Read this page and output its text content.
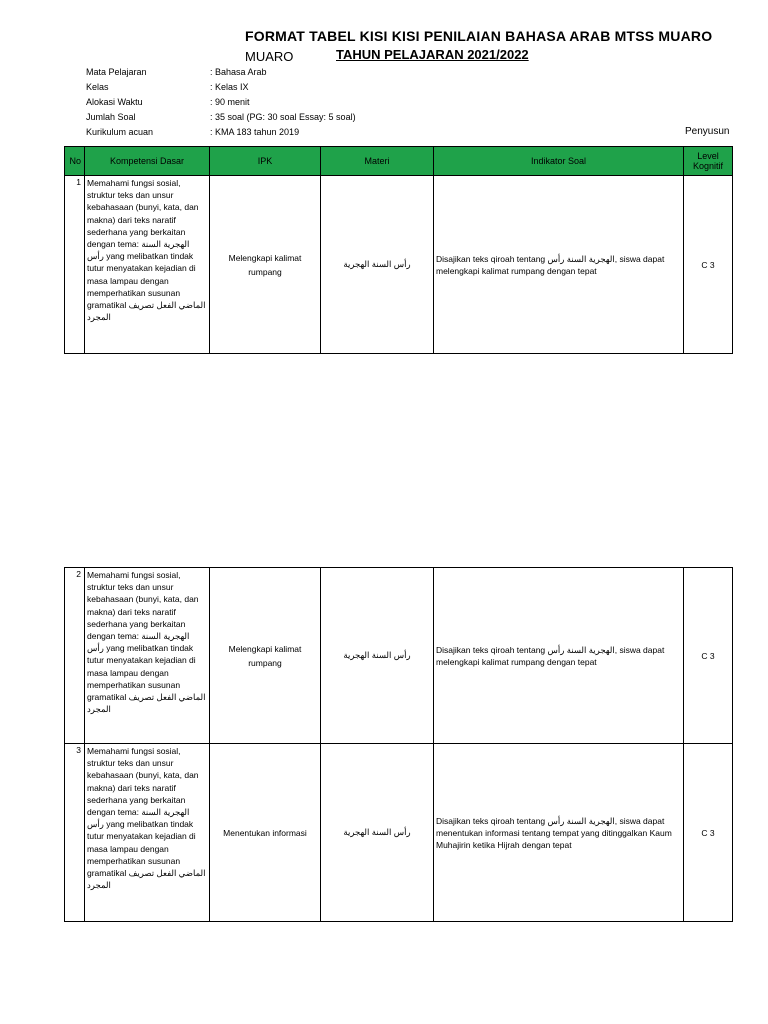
FORMAT TABEL KISI KISI PENILAIAN BAHASA ARAB MTSS MUARO
MUARO	TAHUN PELAJARAN 2021/2022
Mata Pelajaran	: Bahasa Arab
Kelas	: Kelas IX
Alokasi Waktu	: 90 menit
Jumlah Soal	: 35 soal (PG: 30 soal Essay: 5 soal)
Kurikulum acuan	: KMA 183 tahun 2019	Penyusun
No	Kompetensi Dasar	IPK	Materi	Indikator Soal	Level Kognitif
1	Memahami fungsi sosial, struktur teks dan unsur kebahasaan (bunyi, kata, dan makna) dari teks naratif sederhana yang berkaitan dengan tema: الهجرية السنة رأس yang melibatkan tindak tutur menyatakan kejadian di masa lampau dengan memperhatikan susunan gramatikal الماضي الفعل تصريف المجرد	Melengkapi kalimat rumpang	رأس السنة الهجرية	Disajikan teks qiroah tentang الهجرية السنة رأس, siswa dapat melengkapi kalimat rumpang dengan tepat	C 3
2	Memahami fungsi sosial, struktur teks dan unsur kebahasaan (bunyi, kata, dan makna) dari teks naratif sederhana yang berkaitan dengan tema: الهجرية السنة رأس yang melibatkan tindak tutur menyatakan kejadian di masa lampau dengan memperhatikan susunan gramatikal الماضي الفعل تصريف المجرد	Melengkapi kalimat rumpang	رأس السنة الهجرية	Disajikan teks qiroah tentang الهجرية السنة رأس, siswa dapat melengkapi kalimat rumpang dengan tepat	C 3
3	Memahami fungsi sosial, struktur teks dan unsur kebahasaan (bunyi, kata, dan makna) dari teks naratif sederhana yang berkaitan dengan tema: الهجرية السنة رأس yang melibatkan tindak tutur menyatakan kejadian di masa lampau dengan memperhatikan susunan gramatikal الماضي الفعل تصريف المجرد	Menentukan informasi	رأس السنة الهجرية	Disajikan teks qiroah tentang الهجرية السنة رأس, siswa dapat menentukan informasi tentang tempat yang ditinggalkan Kaum Muhajirin ketika Hijrah dengan tepat	C 3
